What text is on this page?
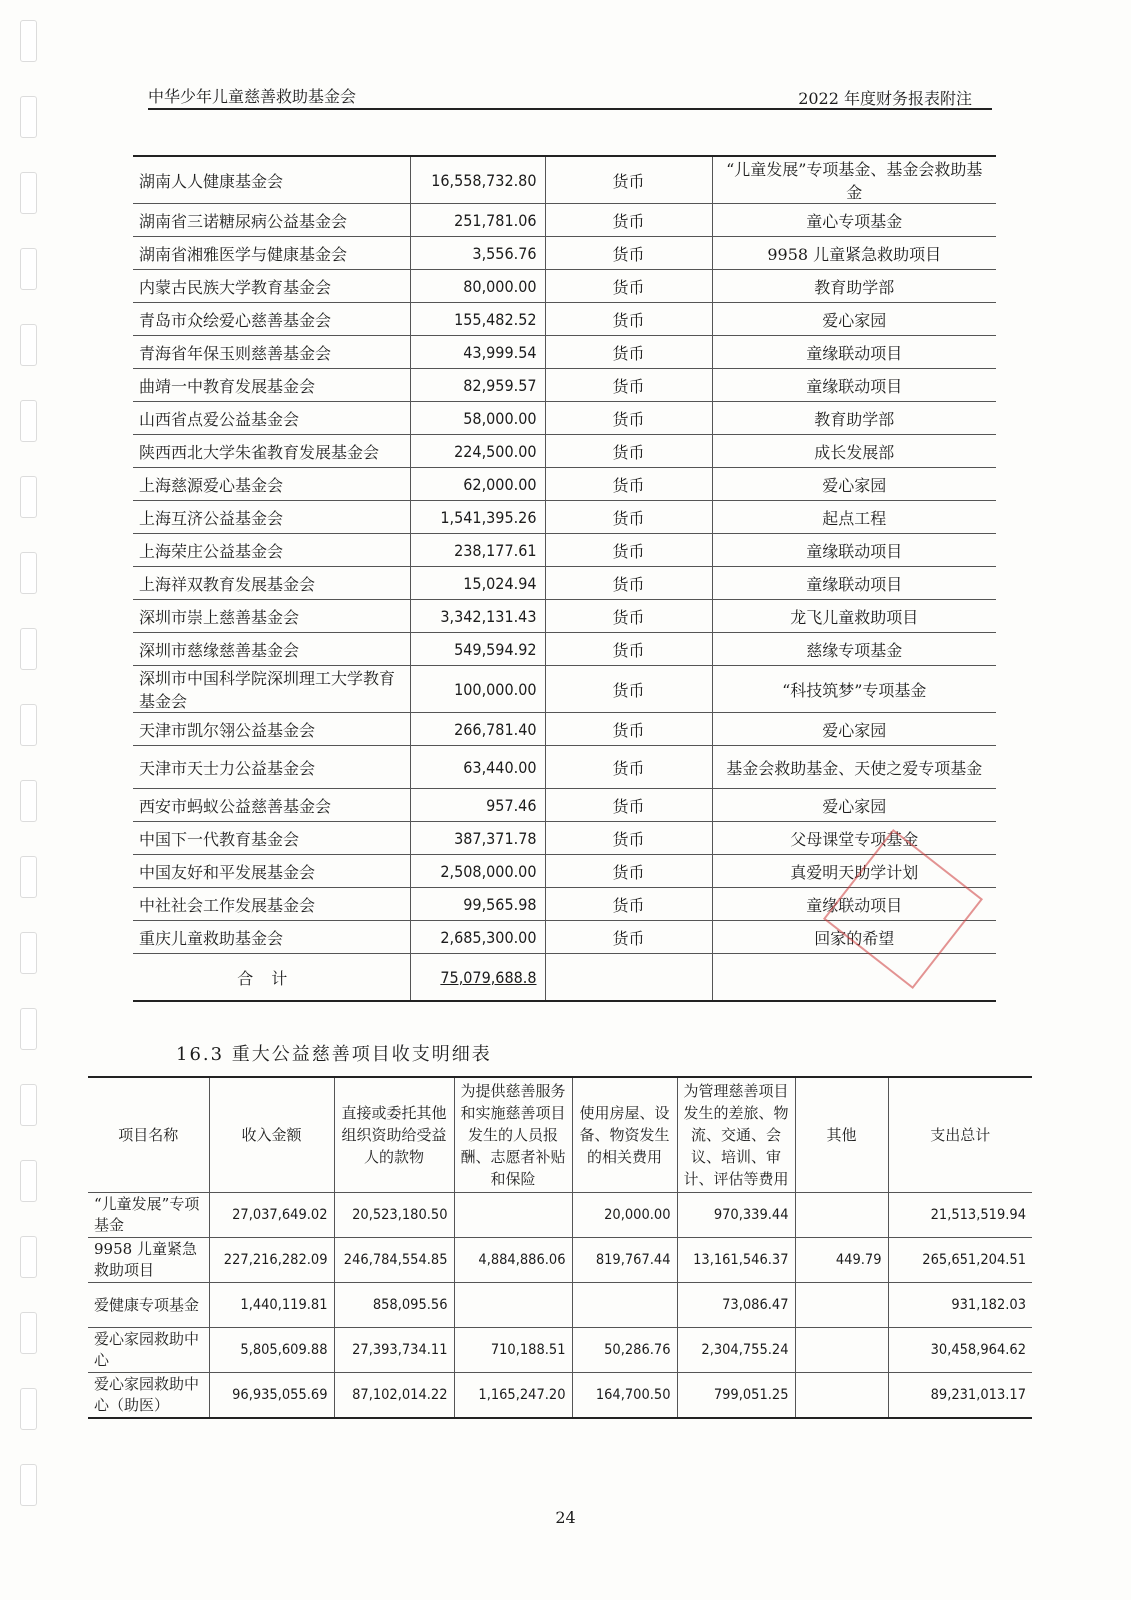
中华少年儿童慈善救助基金会	2022 年度财务报表附注
湖南人人健康基金会	16,558,732.80	货币	“儿童发展”专项基金、基金会救助基金
湖南省三诺糖尿病公益基金会	251,781.06	货币	童心专项基金
湖南省湘雅医学与健康基金会	3,556.76	货币	9958 儿童紧急救助项目
内蒙古民族大学教育基金会	80,000.00	货币	教育助学部
青岛市众绘爱心慈善基金会	155,482.52	货币	爱心家园
青海省年保玉则慈善基金会	43,999.54	货币	童缘联动项目
曲靖一中教育发展基金会	82,959.57	货币	童缘联动项目
山西省点爱公益基金会	58,000.00	货币	教育助学部
陕西西北大学朱雀教育发展基金会	224,500.00	货币	成长发展部
上海慈源爱心基金会	62,000.00	货币	爱心家园
上海互济公益基金会	1,541,395.26	货币	起点工程
上海荣庄公益基金会	238,177.61	货币	童缘联动项目
上海祥双教育发展基金会	15,024.94	货币	童缘联动项目
深圳市崇上慈善基金会	3,342,131.43	货币	龙飞儿童救助项目
深圳市慈缘慈善基金会	549,594.92	货币	慈缘专项基金
深圳市中国科学院深圳理工大学教育基金会	100,000.00	货币	“科技筑梦”专项基金
天津市凯尔翎公益基金会	266,781.40	货币	爱心家园
天津市天士力公益基金会	63,440.00	货币	基金会救助基金、天使之爱专项基金
西安市蚂蚁公益慈善基金会	957.46	货币	爱心家园
中国下一代教育基金会	387,371.78	货币	父母课堂专项基金
中国友好和平发展基金会	2,508,000.00	货币	真爱明天助学计划
中社社会工作发展基金会	99,565.98	货币	童缘联动项目
重庆儿童救助基金会	2,685,300.00	货币	回家的希望
合计	75,079,688.8		
16.3 重大公益慈善项目收支明细表
项目名称	收入金额	直接或委托其他组织资助给受益人的款物	为提供慈善服务和实施慈善项目发生的人员报酬、志愿者补贴和保险	使用房屋、设备、物资发生的相关费用	为管理慈善项目发生的差旅、物流、交通、会议、培训、审计、评估等费用	其他	支出总计
“儿童发展”专项基金	27,037,649.02	20,523,180.50		20,000.00	970,339.44		21,513,519.94
9958 儿童紧急救助项目	227,216,282.09	246,784,554.85	4,884,886.06	819,767.44	13,161,546.37	449.79	265,651,204.51
爱健康专项基金	1,440,119.81	858,095.56			73,086.47		931,182.03
爱心家园救助中心	5,805,609.88	27,393,734.11	710,188.51	50,286.76	2,304,755.24		30,458,964.62
爱心家园救助中心（助医）	96,935,055.69	87,102,014.22	1,165,247.20	164,700.50	799,051.25		89,231,013.17
24
